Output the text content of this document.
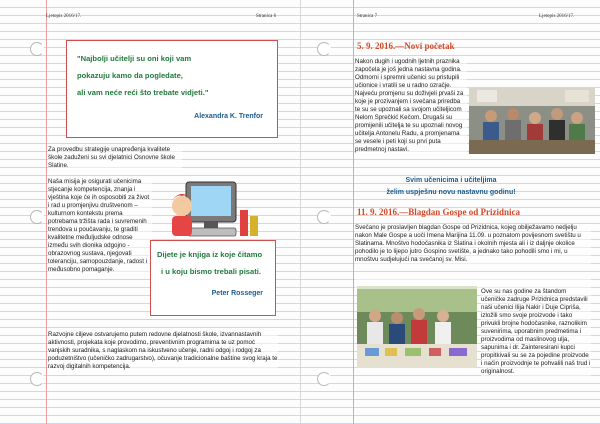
Ljetopis 2016/17.	Stranica 6
"Najbolji učitelji su oni koji vam
pokazuju kamo da pogledate,
ali vam neće reći što trebate vidjeti."
Alexandra K. Trenfor
Za provedbu strategije unapređenja kvalitete škole zaduženi su svi djelatnici Osnovne škole Slatine.
Naša misija je osigurati učenicima stjecanje kompetencija, znanja i vještina koje će ih osposobiti za život i rad u promjenjivu društvenom – kulturnom kontekstu prema potrebama tržišta rada i suvremenih trendova u poučavanju, te graditi kvalitetne međuljudske odnose između svih dionika odgojno - obrazovnog sustava, njegovati toleranciju, samopouzdanje, radost i međusobno pomaganje.
Dijete je knjiga iz koje čitamo
i u koju bismo trebali pisati.
Peter Rosseger
Razvojne ciljeve ostvarujemo putem redovne djelatnosti škole, izvannastavnih aktivnosti, projekata koje provodimo, preventivnim programima te uz pomoć vanjskih suradnika, s naglaskom na iskustveno učenje, radni odgoj i rodgoj za poduzetništvo (učeničko zadrugarstvo), očuvanje tradicionalne baštine svog kraja te razvoj digitalnih kompetencija.
Stranica 7	Ljetopis 2016/17.
5. 9. 2016.—Novi početak
Nakon dugih i ugodnih ljetnih praznika započela je još jedna nastavna godina. Odmorni i spremni učenici su pristupili učionice i vratili se u radno ozračje. Najveću promjenu su doživjeli prvaši za koje je prozivanjem i svečana priredba te su se upoznali sa svojom učiteljicom Nelom Sprečkić Kečom. Drugaši su promijenili učitelja te su upoznali novog učitelja Antonelu Radu, a promjenama se vesele i peti koji su prvi puta predmetnoj nastavi.
Svim učenicima i učiteljima
želim uspješnu novu nastavnu godinu!
11. 9. 2016.—Blagdan Gospe od Prizidnica
Svečano je proslavljen blagdan Gospe od Prizidnica, kojeg obilježavamo nedjelju nakon Male Gospe a uoči Imena Marijina 11.09. u poznatom povijesnom svetištu u Slatinama. Mnoštvo hodočasnika iz Slatina i okolnih mjesta ali i iz daljnje okolice pohodilo je to lijepo jutro Gospino svetište, a jednako tako pohodili smo i mi, u mnoštvu sudjelujući na svečanoj sv. Misi.
Ove su nas godine za štandom učeničke zadruge Prizidnica predstavili naši učenici Ilija Nakir i Duje Cipriša, izložili smo svoje proizvode i tako privukli brojne hodočasnike, raznolikim suvenirima, uporabnim predmetima i proizvodima od maslinovog ulja, sapunima i dr. Zainteresirani kupci propitkivali su se za pojedine proizvode i način proizvodnje te pohvalili naš trud i originalnost.
